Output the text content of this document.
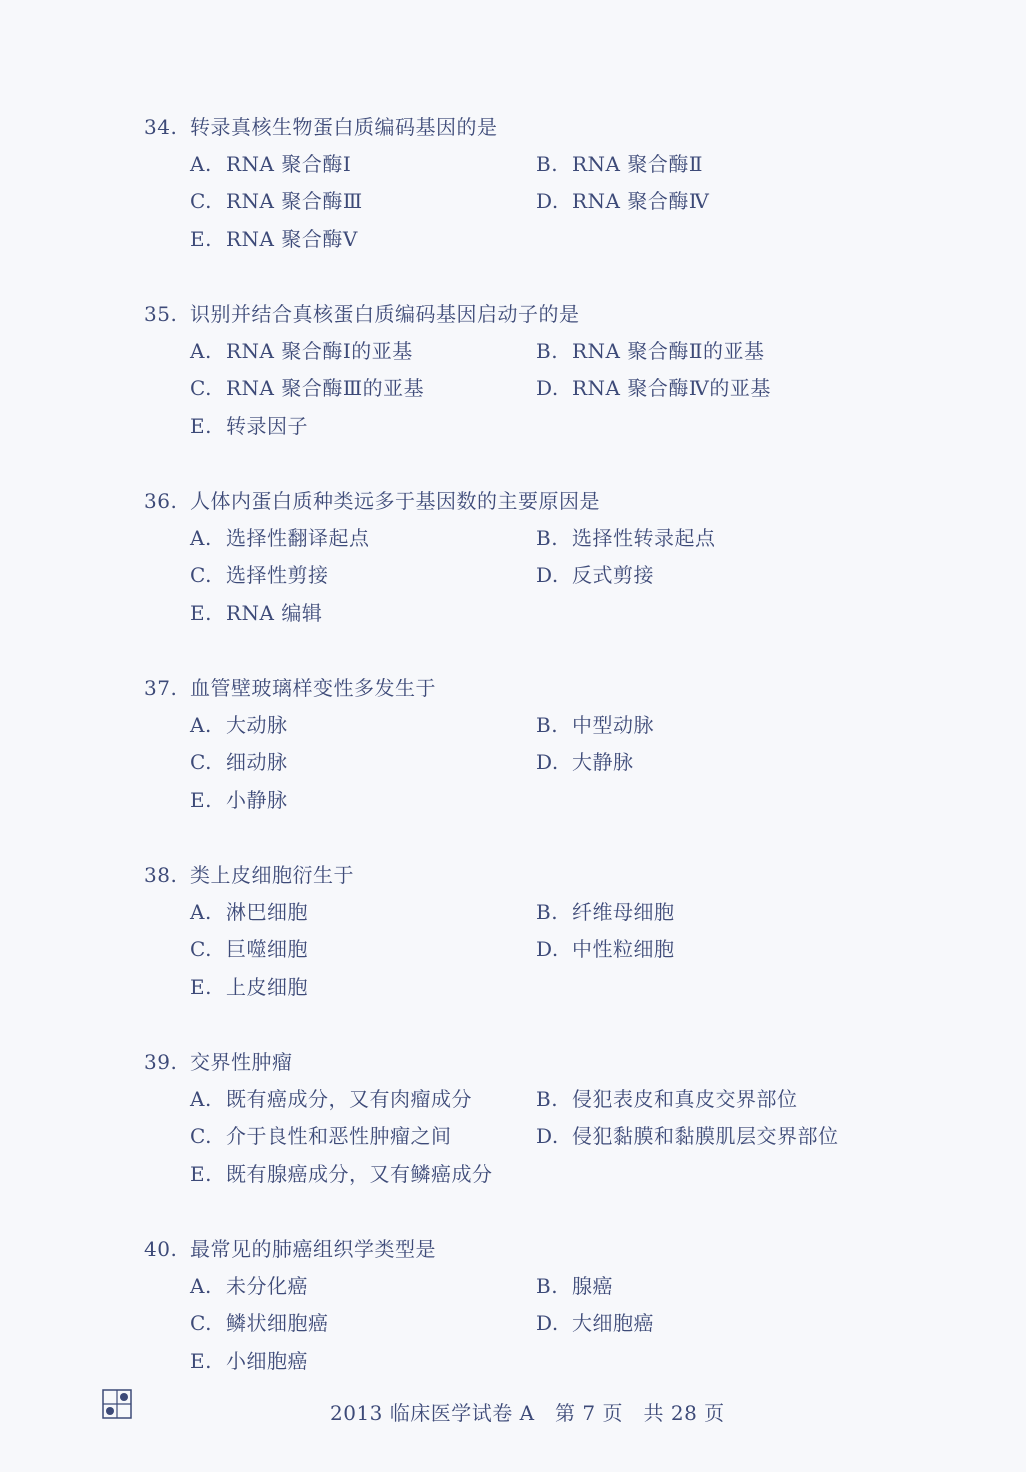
34. 转录真核生物蛋白质编码基因的是
A. RNA 聚合酶Ⅰ	B. RNA 聚合酶Ⅱ
C. RNA 聚合酶Ⅲ	D. RNA 聚合酶Ⅳ
E. RNA 聚合酶Ⅴ
35. 识别并结合真核蛋白质编码基因启动子的是
A. RNA 聚合酶Ⅰ的亚基	B. RNA 聚合酶Ⅱ的亚基
C. RNA 聚合酶Ⅲ的亚基	D. RNA 聚合酶Ⅳ的亚基
E. 转录因子
36. 人体内蛋白质种类远多于基因数的主要原因是
A. 选择性翻译起点	B. 选择性转录起点
C. 选择性剪接	D. 反式剪接
E. RNA 编辑
37. 血管壁玻璃样变性多发生于
A. 大动脉	B. 中型动脉
C. 细动脉	D. 大静脉
E. 小静脉
38. 类上皮细胞衍生于
A. 淋巴细胞	B. 纤维母细胞
C. 巨噬细胞	D. 中性粒细胞
E. 上皮细胞
39. 交界性肿瘤
A. 既有癌成分，又有肉瘤成分	B. 侵犯表皮和真皮交界部位
C. 介于良性和恶性肿瘤之间	D. 侵犯黏膜和黏膜肌层交界部位
E. 既有腺癌成分，又有鳞癌成分
40. 最常见的肺癌组织学类型是
A. 未分化癌	B. 腺癌
C. 鳞状细胞癌	D. 大细胞癌
E. 小细胞癌
2013 临床医学试卷 A　第 7 页　共 28 页
